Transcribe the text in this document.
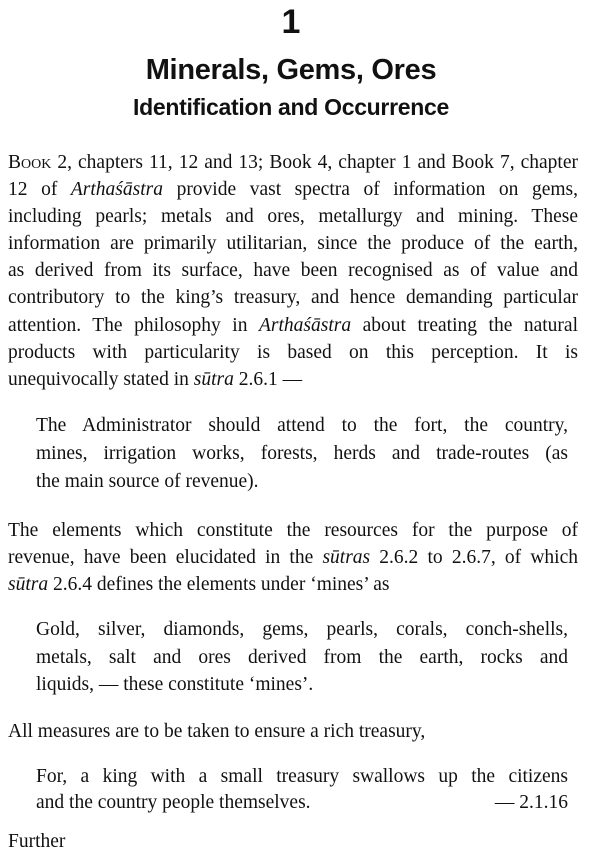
1
Minerals, Gems, Ores
Identification and Occurrence
Book 2, chapters 11, 12 and 13; Book 4, chapter 1 and Book 7, chapter
12 of Arthaśāstra provide vast spectra of information on gems,
including pearls; metals and ores, metallurgy and mining. These
information are primarily utilitarian, since the produce of the earth,
as derived from its surface, have been recognised as of value and
contributory to the king’s treasury, and hence demanding particular
attention. The philosophy in Arthaśāstra about treating the natural
products with particularity is based on this perception. It is
unequivocally stated in sūtra 2.6.1 —
The Administrator should attend to the fort, the country,
mines, irrigation works, forests, herds and trade-routes (as
the main source of revenue).
The elements which constitute the resources for the purpose of
revenue, have been elucidated in the sūtras 2.6.2 to 2.6.7, of which
sūtra 2.6.4 defines the elements under ‘mines’ as
Gold, silver, diamonds, gems, pearls, corals, conch-shells,
metals, salt and ores derived from the earth, rocks and
liquids, — these constitute ‘mines’.
All measures are to be taken to ensure a rich treasury,
For, a king with a small treasury swallows up the citizens
and the country people themselves.	— 2.1.16
Further
